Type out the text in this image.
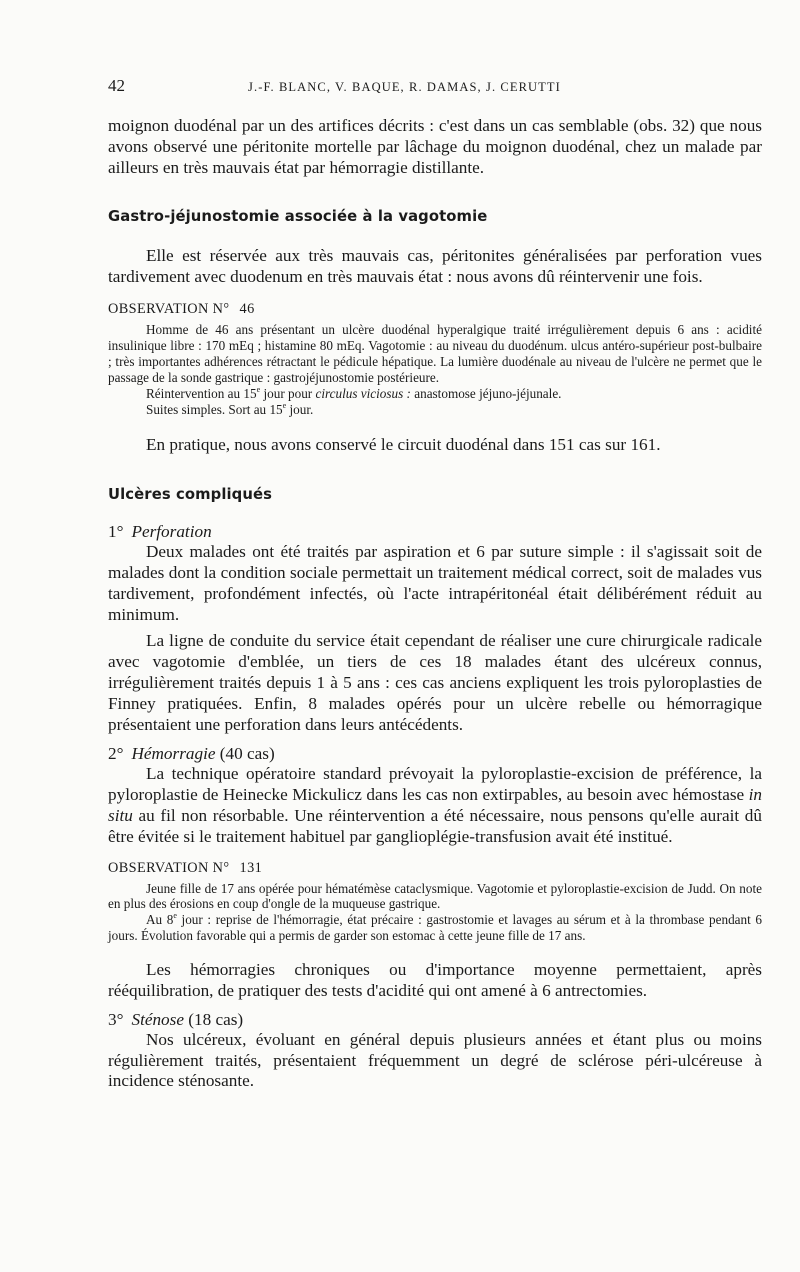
42	J.-F. BLANC, V. BAQUE, R. DAMAS, J. CERUTTI

moignon duodénal par un des artifices décrits : c'est dans un cas semblable (obs. 32) que nous avons observé une péritonite mortelle par lâchage du moignon duodénal, chez un malade par ailleurs en très mauvais état par hémorragie distillante.

Gastro-jéjunostomie associée à la vagotomie

Elle est réservée aux très mauvais cas, péritonites généralisées par perforation vues tardivement avec duodenum en très mauvais état : nous avons dû réintervenir une fois.

OBSERVATION N° 46

Homme de 46 ans présentant un ulcère duodénal hyperalgique traité irrégulièrement depuis 6 ans : acidité insulinique libre : 170 mEq ; histamine 80 mEq. Vagotomie : au niveau du duodénum. ulcus antéro-supérieur post-bulbaire ; très importantes adhérences rétractant le pédicule hépatique. La lumière duodénale au niveau de l'ulcère ne permet que le passage de la sonde gastrique : gastrojéjunostomie postérieure.

Réintervention au 15e jour pour circulus viciosus : anastomose jéjuno-jéjunale.

Suites simples. Sort au 15e jour.

En pratique, nous avons conservé le circuit duodénal dans 151 cas sur 161.

Ulcères compliqués
1° Perforation

Deux malades ont été traités par aspiration et 6 par suture simple : il s'agissait soit de malades dont la condition sociale permettait un traitement médical correct, soit de malades vus tardivement, profondément infectés, où l'acte intrapéritonéal était délibérément réduit au minimum.

La ligne de conduite du service était cependant de réaliser une cure chirurgicale radicale avec vagotomie d'emblée, un tiers de ces 18 malades étant des ulcéreux connus, irrégulièrement traités depuis 1 à 5 ans : ces cas anciens expliquent les trois pyloroplasties de Finney pratiquées. Enfin, 8 malades opérés pour un ulcère rebelle ou hémorragique présentaient une perforation dans leurs antécédents.

2° Hémorragie (40 cas)

La technique opératoire standard prévoyait la pyloroplastie-excision de préférence, la pyloroplastie de Heinecke Mickulicz dans les cas non extirpables, au besoin avec hémostase in situ au fil non résorbable. Une réintervention a été nécessaire, nous pensons qu'elle aurait dû être évitée si le traitement habituel par ganglioplégie-transfusion avait été institué.

OBSERVATION N° 131

Jeune fille de 17 ans opérée pour hématémèse cataclysmique. Vagotomie et pyloroplastie-excision de Judd. On note en plus des érosions en coup d'ongle de la muqueuse gastrique.

Au 8e jour : reprise de l'hémorragie, état précaire : gastrostomie et lavages au sérum et à la thrombase pendant 6 jours. Évolution favorable qui a permis de garder son estomac à cette jeune fille de 17 ans.

Les hémorragies chroniques ou d'importance moyenne permettaient, après rééquilibration, de pratiquer des tests d'acidité qui ont amené à 6 antrectomies.

3° Sténose (18 cas)

Nos ulcéreux, évoluant en général depuis plusieurs années et étant plus ou moins régulièrement traités, présentaient fréquemment un degré de sclérose péri-ulcéreuse à incidence sténosante.
